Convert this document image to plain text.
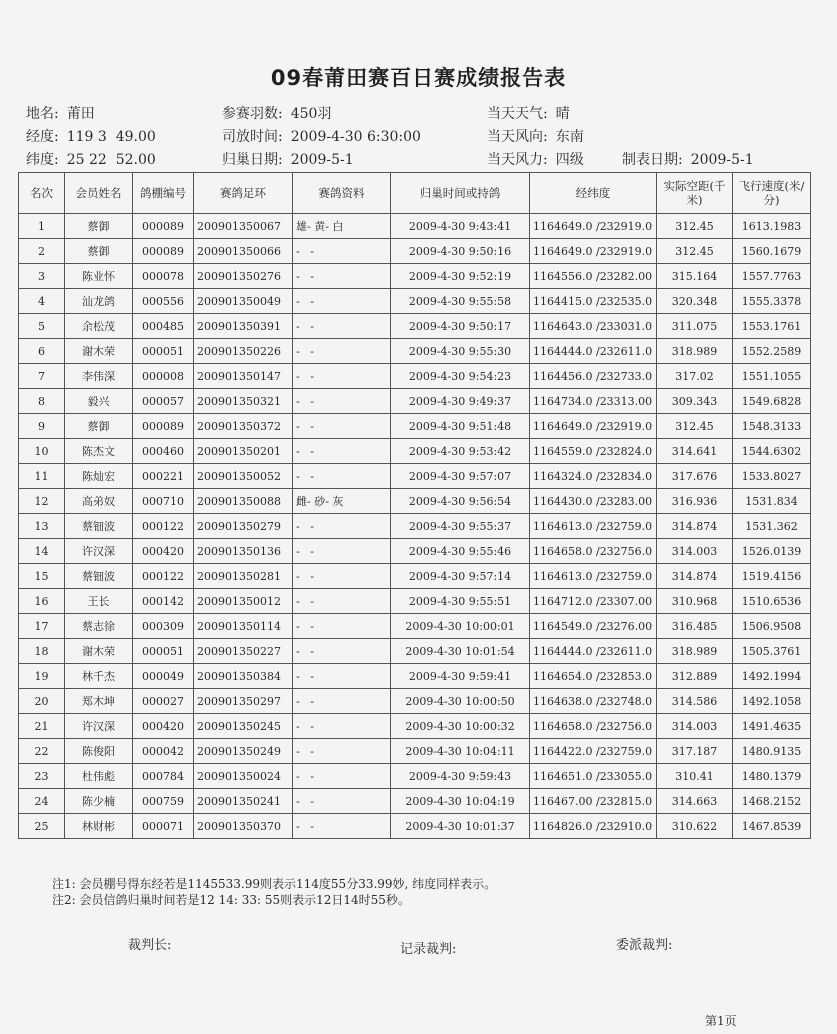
09春莆田赛百日赛成绩报告表
地名: 莆田	参赛羽数: 450羽	当天天气: 晴
经度: 119 3  49.00	司放时间: 2009-4-30 6:30:00	当天风向: 东南
纬度: 25 22  52.00	归巢日期: 2009-5-1	当天风力: 四级	制表日期: 2009-5-1
名次	会员姓名	鸽棚编号	赛鸽足环	赛鸽资料	归巢时间或持鸽	经纬度	实际空距(千米)	飞行速度(米/分)
1	蔡御	000089	200901350067	雄- 黄- 白	2009-4-30 9:43:41	1164649.0 /232919.0	312.45	1613.1983
2	蔡御	000089	200901350066	-   -	2009-4-30 9:50:16	1164649.0 /232919.0	312.45	1560.1679
3	陈业怀	000078	200901350276	-   -	2009-4-30 9:52:19	1164556.0 /23282.00	315.164	1557.7763
4	汕龙鸽	000556	200901350049	-   -	2009-4-30 9:55:58	1164415.0 /232535.0	320.348	1555.3378
5	余松茂	000485	200901350391	-   -	2009-4-30 9:50:17	1164643.0 /233031.0	311.075	1553.1761
6	谢木荣	000051	200901350226	-   -	2009-4-30 9:55:30	1164444.0 /232611.0	318.989	1552.2589
7	李伟深	000008	200901350147	-   -	2009-4-30 9:54:23	1164456.0 /232733.0	317.02	1551.1055
8	毅兴	000057	200901350321	-   -	2009-4-30 9:49:37	1164734.0 /23313.00	309.343	1549.6828
9	蔡御	000089	200901350372	-   -	2009-4-30 9:51:48	1164649.0 /232919.0	312.45	1548.3133
10	陈杰文	000460	200901350201	-   -	2009-4-30 9:53:42	1164559.0 /232824.0	314.641	1544.6302
11	陈灿宏	000221	200901350052	-   -	2009-4-30 9:57:07	1164324.0 /232834.0	317.676	1533.8027
12	高弟奴	000710	200901350088	雌- 砂- 灰	2009-4-30 9:56:54	1164430.0 /23283.00	316.936	1531.834
13	蔡钿波	000122	200901350279	-   -	2009-4-30 9:55:37	1164613.0 /232759.0	314.874	1531.362
14	许汉深	000420	200901350136	-   -	2009-4-30 9:55:46	1164658.0 /232756.0	314.003	1526.0139
15	蔡钿波	000122	200901350281	-   -	2009-4-30 9:57:14	1164613.0 /232759.0	314.874	1519.4156
16	王长	000142	200901350012	-   -	2009-4-30 9:55:51	1164712.0 /23307.00	310.968	1510.6536
17	蔡志徐	000309	200901350114	-   -	2009-4-30 10:00:01	1164549.0 /23276.00	316.485	1506.9508
18	谢木荣	000051	200901350227	-   -	2009-4-30 10:01:54	1164444.0 /232611.0	318.989	1505.3761
19	林千杰	000049	200901350384	-   -	2009-4-30 9:59:41	1164654.0 /232853.0	312.889	1492.1994
20	郑木坤	000027	200901350297	-   -	2009-4-30 10:00:50	1164638.0 /232748.0	314.586	1492.1058
21	许汉深	000420	200901350245	-   -	2009-4-30 10:00:32	1164658.0 /232756.0	314.003	1491.4635
22	陈俊阳	000042	200901350249	-   -	2009-4-30 10:04:11	1164422.0 /232759.0	317.187	1480.9135
23	杜伟彪	000784	200901350024	-   -	2009-4-30 9:59:43	1164651.0 /233055.0	310.41	1480.1379
24	陈少楠	000759	200901350241	-   -	2009-4-30 10:04:19	116467.00 /232815.0	314.663	1468.2152
25	林财彬	000071	200901350370	-   -	2009-4-30 10:01:37	1164826.0 /232910.0	310.622	1467.8539
注1: 会员棚号得东经若是1145533.99则表示114度55分33.99妙, 纬度同样表示。
注2: 会员信鸽归巢时间若是12 14: 33: 55则表示12日14时55秒。
裁判长:	记录裁判:	委派裁判:
第1页
